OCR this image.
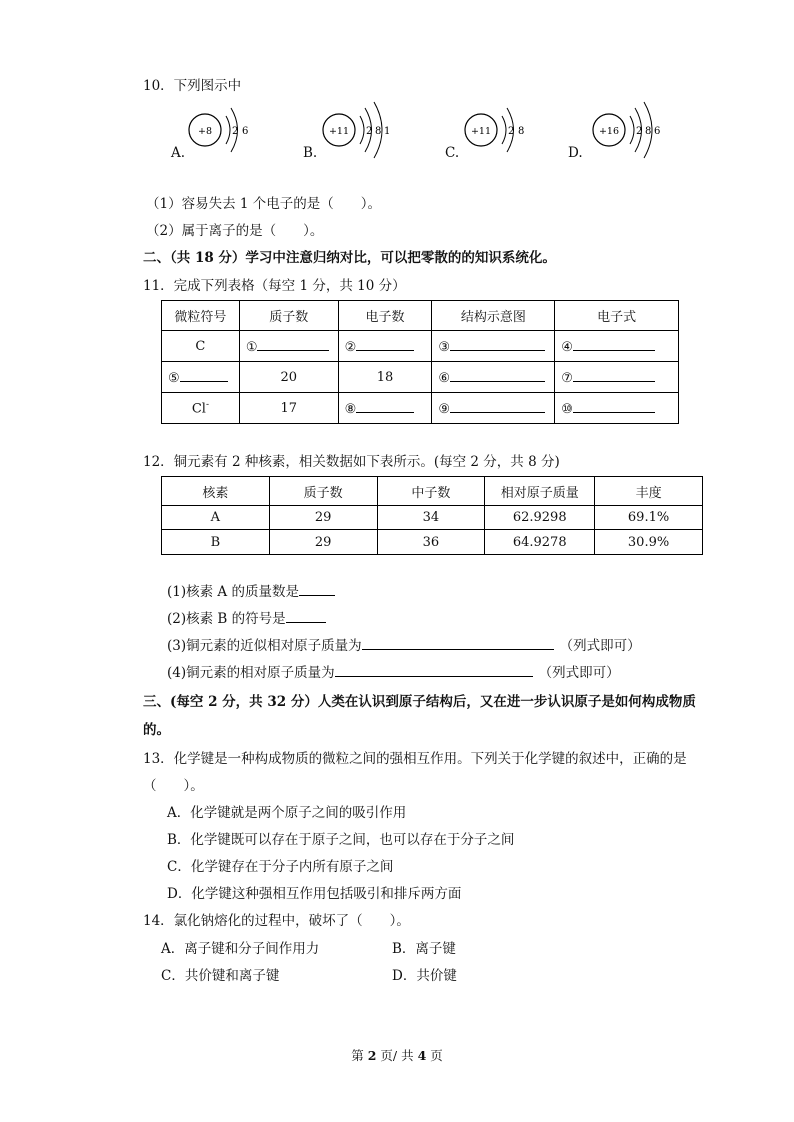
10．下列图示中
+8 2 6
A.
+11 2 8 1
B.
+11 2 8
C.
+16 2 8 6
D.
（1）容易失去 1 个电子的是（　　）。
（2）属于离子的是（　　）。
二、（共 18 分）学习中注意归纳对比，可以把零散的的知识系统化。
11．完成下列表格（每空 1 分，共 10 分）
微粒符号	质子数	电子数	结构示意图	电子式
C	①	②	③	④
⑤	20	18	⑥	⑦
Cl-	17	⑧	⑨	⑩
12．铜元素有 2 种核素，相关数据如下表所示。(每空 2 分，共 8 分)
核素	质子数	中子数	相对原子质量	丰度
A	29	34	62.9298	69.1%
B	29	36	64.9278	30.9%
(1)核素 A 的质量数是
(2)核素 B 的符号是
(3)铜元素的近似相对原子质量为	（列式即可）
(4)铜元素的相对原子质量为	（列式即可）
三、(每空 2 分，共 32 分）人类在认识到原子结构后，又在进一步认识原子是如何构成物质
的。
13．化学键是一种构成物质的微粒之间的强相互作用。下列关于化学键的叙述中，正确的是
（　　）。
A．化学键就是两个原子之间的吸引作用
B．化学键既可以存在于原子之间，也可以存在于分子之间
C．化学键存在于分子内所有原子之间
D．化学键这种强相互作用包括吸引和排斥两方面
14．氯化钠熔化的过程中，破坏了（　　）。
A．离子键和分子间作用力	B．离子键
C．共价键和离子键	D．共价键
第 2 页/ 共 4 页
